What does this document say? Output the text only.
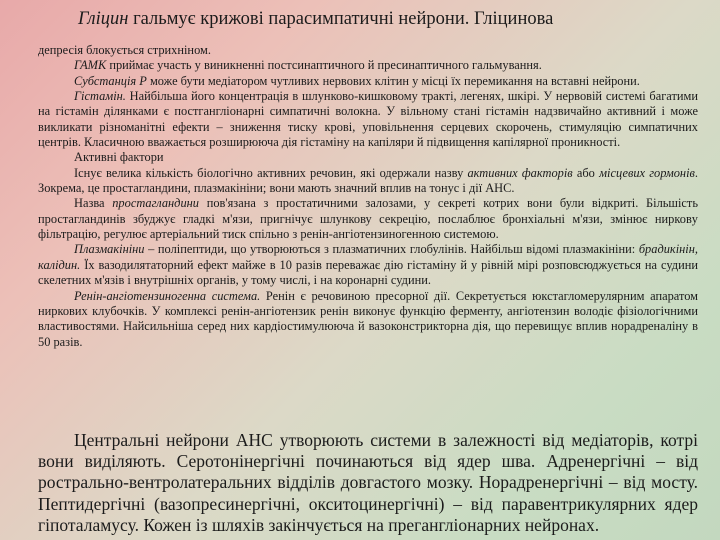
Гліцин гальмує крижові парасимпатичні нейрони. Гліцинова

депресія блокується стрихніном.

ГАМК приймає участь у виникненні постсинаптичного й пресинаптичного гальмування.

Субстанція Р може бути медіатором чутливих нервових клітин у місці їх перемикання на вставні нейрони.

Гістамін. Найбільша його концентрація в шлунково-кишковому тракті, легенях, шкірі. У нервовій системі багатими на гістамін ділянками є постгангліонарні симпатичні волокна. У вільному стані гістамін надзвичайно активний і може викликати різноманітні ефекти – зниження тиску крові, уповільнення серцевих скорочень, стимуляцію симпатичних центрів. Класичною вважається розширююча дія гістаміну на капіляри й підвищення капілярної проникності.

Активні фактори

Існує велика кількість біологічно активних речовин, які одержали назву активних факторів або місцевих гормонів. Зокрема, це простагландини, плазмакініни; вони мають значний вплив на тонус і дії АНС.

Назва простагландини пов'язана з простатичними залозами, у секреті котрих вони були відкриті. Більшість простагландинів збуджує гладкі м'язи, пригнічує шлункову секрецію, послаблює бронхіальні м'язи, змінює нирковy фільтрацію, регулює артеріальний тиск спільно з ренін-ангіотензиногенною системою.

Плазмакініни – поліпептиди, що утворюються з плазматичних глобулінів. Найбільш відомі плазмакініни: брадикінін, калідин. Їх вазодилятаторний ефект майже в 10 разів переважає дію гістаміну й у рівній мірі розповсюджується на судини скелетних м'язів і внутрішніх органів, у тому числі, і на коронарні судини.

Ренін-ангіотензиногенна система. Ренін є речовиною пресорної дії. Секретується юкстагломерулярним апаратом ниркових клубочків. У комплексі ренін-ангіотензик ренін виконує функцію ферменту, ангіотензин володіє фізіологічними властивостями. Найсильніша серед них кардіостимулююча й вазоконстрикторна дія, що перевищує вплив норадреналіну в 50 разів.

Центральні нейрони АНС утворюють системи в залежності від медіаторів, котрі вони виділяють. Серотонінергічні починаються від ядер шва. Адренергічні – від рострально-вентролатеральних відділів довгастого мозку. Норадренергічні – від мосту. Пептидергічні (вазопресинергічні, окситоцинергічні) – від паравентрикулярних ядер гіпоталамусу. Кожен із шляхів закінчується на прегангліонарних нейронах.
